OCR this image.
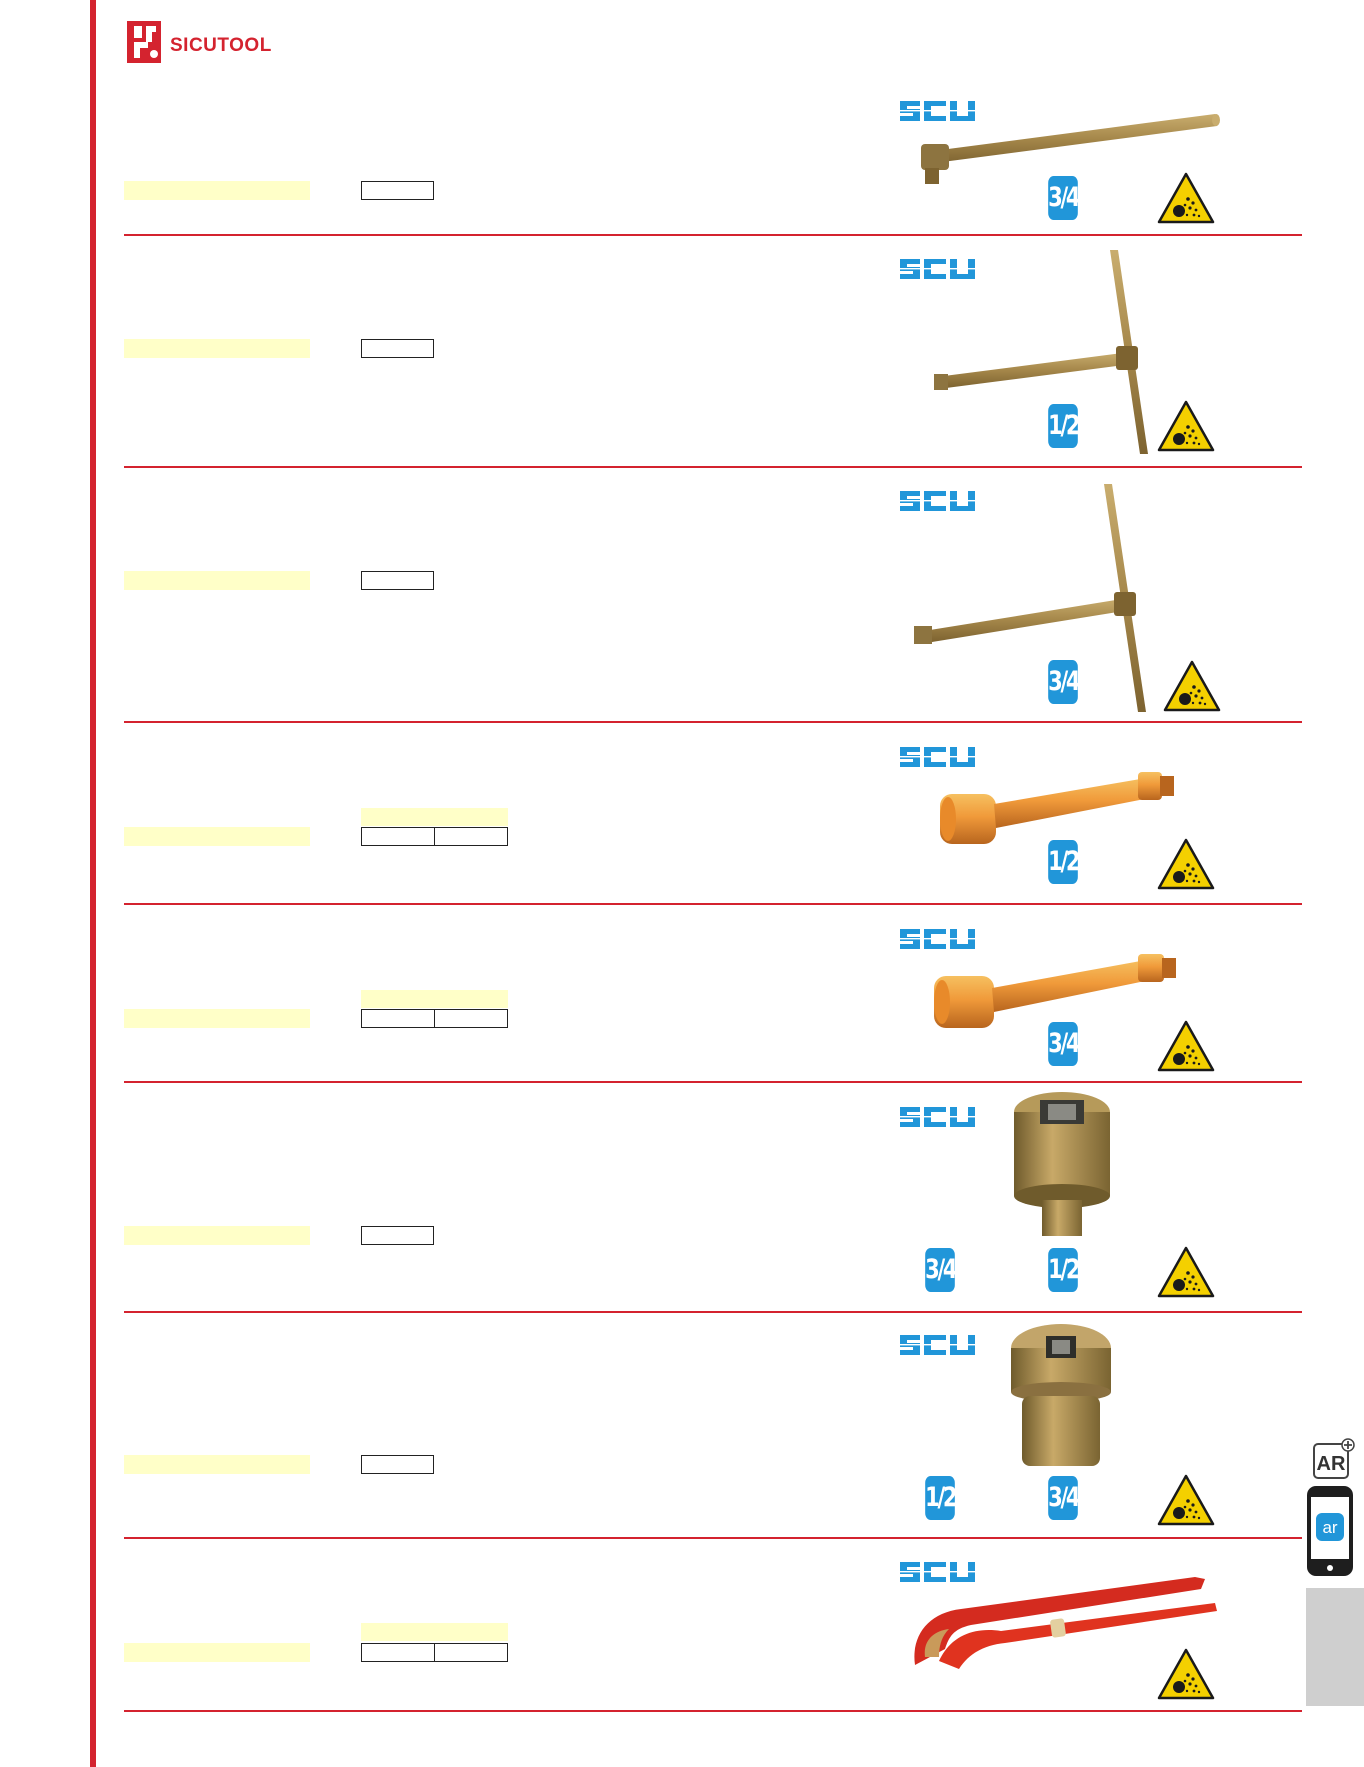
SICUTOOL
3/4"
1/2"
3/4"
1/2"
3/4"
3/4"	1/2"
1/2"	3/4"
AR
ar
